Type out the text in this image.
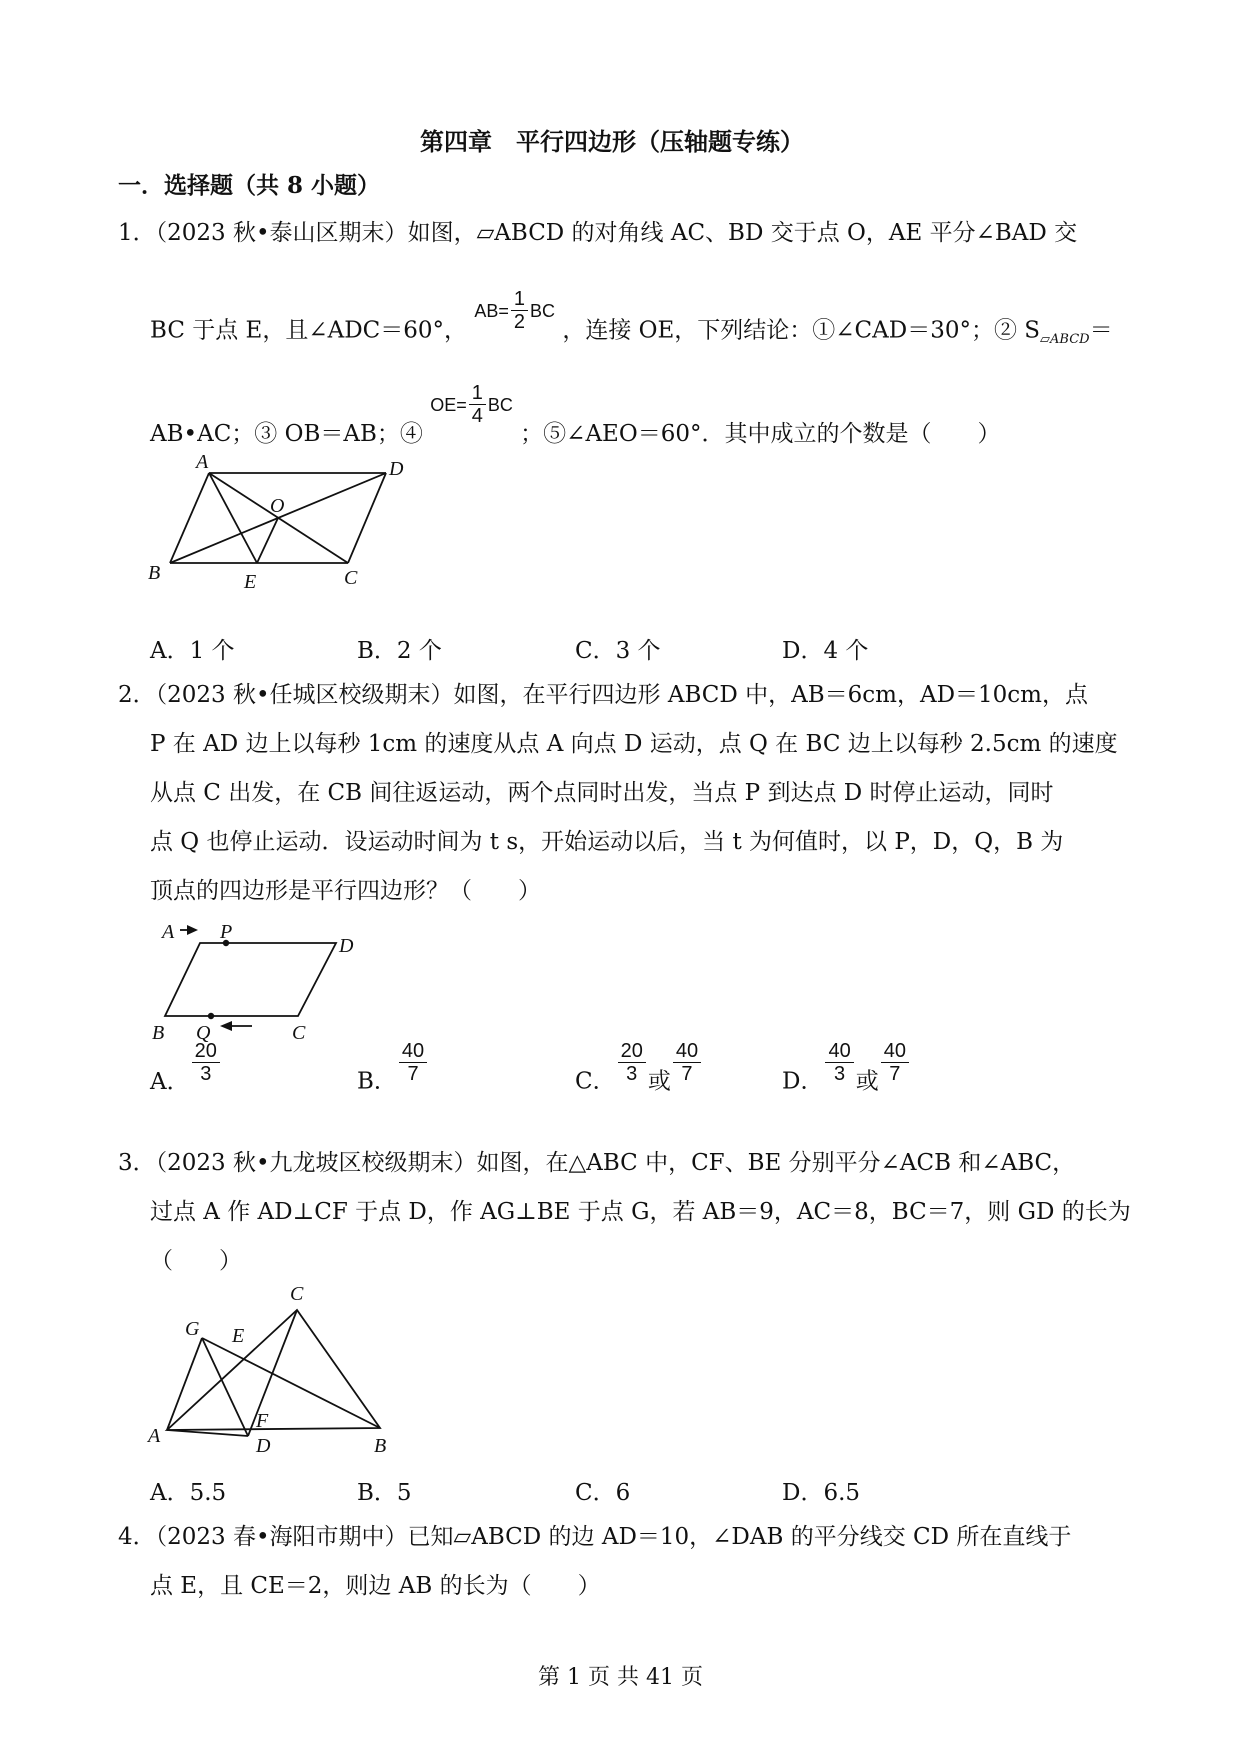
第四章　平行四边形（压轴题专练）
一．选择题（共 8 小题）
1．（2023 秋•泰山区期末）如图，▱ABCD 的对角线 AC、BD 交于点 O，AE 平分∠BAD 交
BC 于点 E，且∠ADC＝60°， $^{AB=} \frac{1}{2} ^{BC}$ ，连接 OE，下列结论：①∠CAD＝30°；② $S_{▱ABCD}=$
AB•AC；③ OB＝AB；④ $^{OE=} \frac{1}{4} ^{BC}$ ；⑤∠AEO＝60°．其中成立的个数是（　　）
A	D
O
B	E	C
A．1 个	B．2 个	C．3 个	D．4 个
2．（2023 秋•任城区校级期末）如图，在平行四边形 ABCD 中，AB＝6cm，AD＝10cm，点
P 在 AD 边上以每秒 1cm 的速度从点 A 向点 D 运动，点 Q 在 BC 边上以每秒 2.5cm 的速度
从点 C 出发，在 CB 间往返运动，两个点同时出发，当点 P 到达点 D 时停止运动，同时
点 Q 也停止运动．设运动时间为 t s，开始运动以后，当 t 为何值时，以 P，D，Q，B 为
顶点的四边形是平行四边形？（　　）
A P
D
B Q	C
A． $\frac{20}{3}$	B． $\frac{40}{7}$	C． $\frac{20}{3}$ 或 $\frac{40}{7}$	D． $\frac{40}{3}$ 或 $\frac{40}{7}$
3．（2023 秋•九龙坡区校级期末）如图，在△ABC 中，CF、BE 分别平分∠ACB 和∠ABC，
过点 A 作 AD⊥CF 于点 D，作 AG⊥BE 于点 G，若 AB＝9，AC＝8，BC＝7，则 GD 的长为
（　　）
C
G E
F
A	D	B
A．5.5	B．5	C．6	D．6.5
4．（2023 春•海阳市期中）已知▱ABCD 的边 AD＝10，∠DAB 的平分线交 CD 所在直线于
点 E，且 CE＝2，则边 AB 的长为（　　）
第 1 页 共 41 页
